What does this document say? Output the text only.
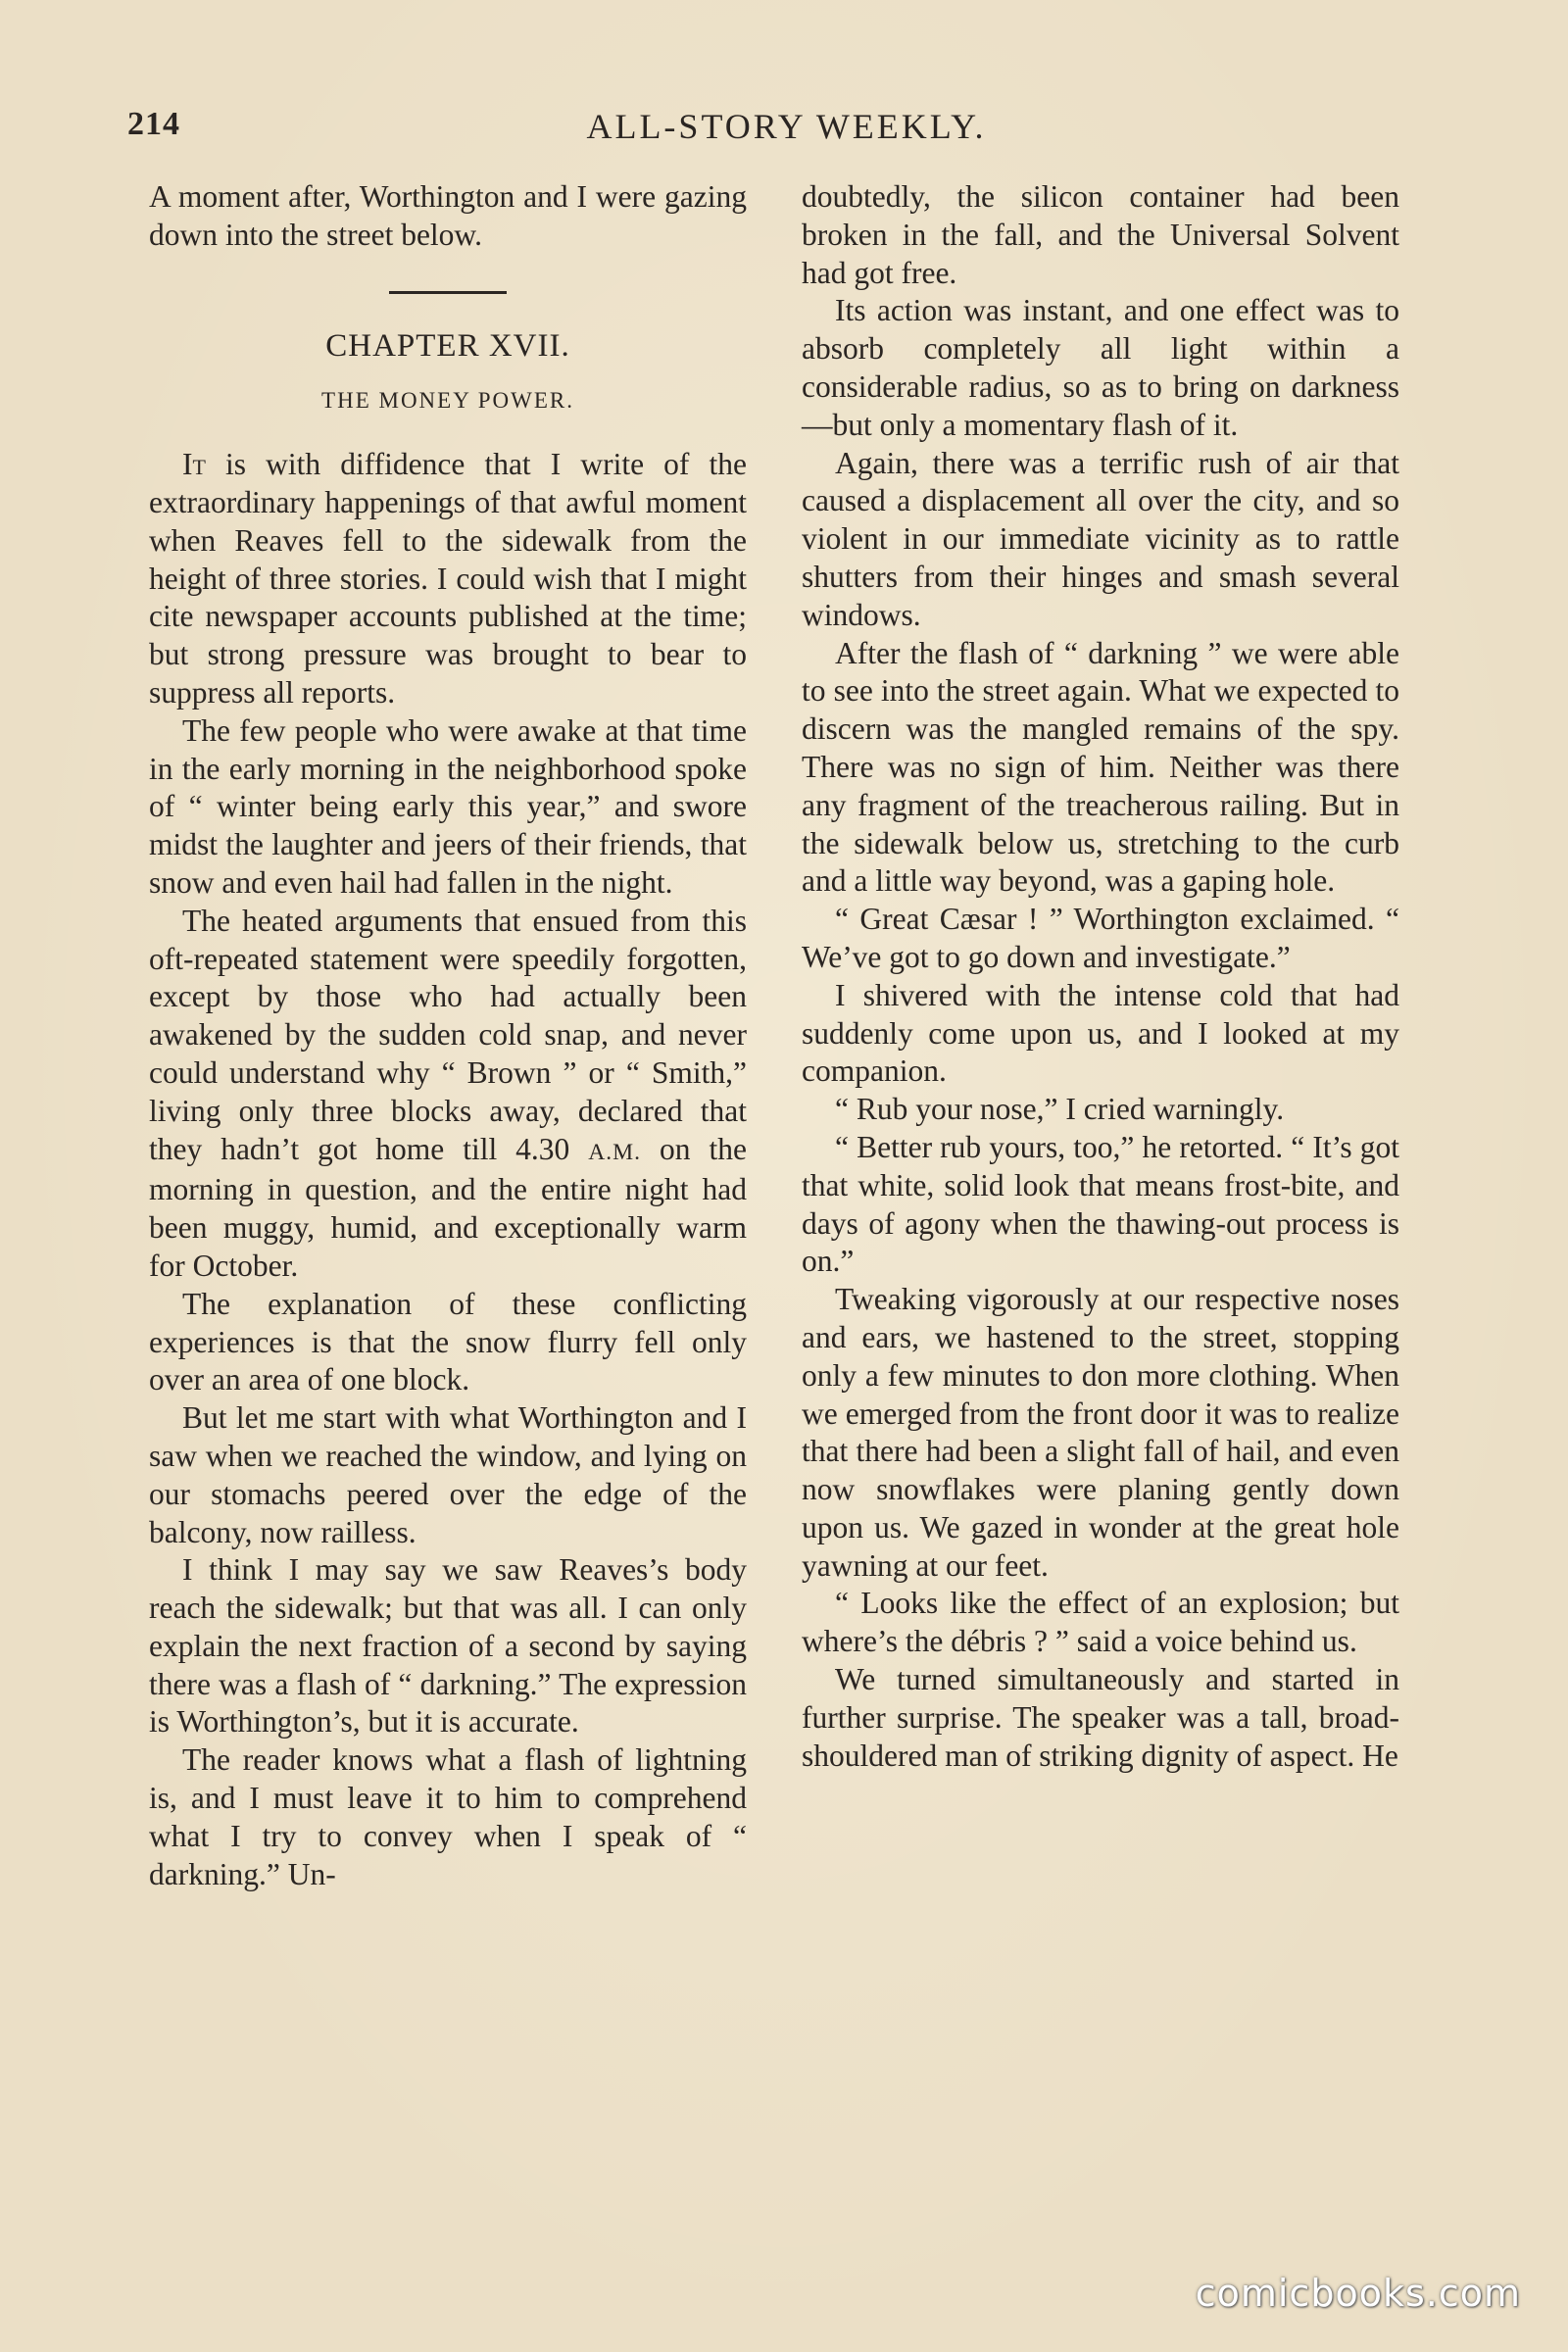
214	ALL-STORY WEEKLY.

A moment after, Worthington and I were gazing down into the street below.

CHAPTER XVII.
THE MONEY POWER.

It is with diffidence that I write of the extraordinary happenings of that awful moment when Reaves fell to the sidewalk from the height of three stories. I could wish that I might cite newspaper accounts published at the time; but strong pressure was brought to bear to suppress all reports.

The few people who were awake at that time in the early morning in the neighborhood spoke of “ winter being early this year,” and swore midst the laughter and jeers of their friends, that snow and even hail had fallen in the night.

The heated arguments that ensued from this oft-repeated statement were speedily forgotten, except by those who had actually been awakened by the sudden cold snap, and never could understand why “ Brown ” or “ Smith,” living only three blocks away, declared that they hadn’t got home till 4.30 A.M. on the morning in question, and the entire night had been muggy, humid, and exceptionally warm for October.

The explanation of these conflicting experiences is that the snow flurry fell only over an area of one block.

But let me start with what Worthington and I saw when we reached the window, and lying on our stomachs peered over the edge of the balcony, now railless.

I think I may say we saw Reaves’s body reach the sidewalk; but that was all. I can only explain the next fraction of a second by saying there was a flash of “ darkning.” The expression is Worthington’s, but it is accurate.

The reader knows what a flash of lightning is, and I must leave it to him to comprehend what I try to convey when I speak of “ darkning.” Un-

doubtedly, the silicon container had been broken in the fall, and the Universal Solvent had got free.

Its action was instant, and one effect was to absorb completely all light within a considerable radius, so as to bring on darkness—but only a momentary flash of it.

Again, there was a terrific rush of air that caused a displacement all over the city, and so violent in our immediate vicinity as to rattle shutters from their hinges and smash several windows.

After the flash of “ darkning ” we were able to see into the street again. What we expected to discern was the mangled remains of the spy. There was no sign of him. Neither was there any fragment of the treacherous railing. But in the sidewalk below us, stretching to the curb and a little way beyond, was a gaping hole.

“ Great Cæsar ! ” Worthington exclaimed. “ We’ve got to go down and investigate.”

I shivered with the intense cold that had suddenly come upon us, and I looked at my companion.

“ Rub your nose,” I cried warningly.

“ Better rub yours, too,” he retorted. “ It’s got that white, solid look that means frost-bite, and days of agony when the thawing-out process is on.”

Tweaking vigorously at our respective noses and ears, we hastened to the street, stopping only a few minutes to don more clothing. When we emerged from the front door it was to realize that there had been a slight fall of hail, and even now snowflakes were planing gently down upon us. We gazed in wonder at the great hole yawning at our feet.

“ Looks like the effect of an explosion; but where’s the débris ? ” said a voice behind us.

We turned simultaneously and started in further surprise. The speaker was a tall, broad-shouldered man of striking dignity of aspect. He

comicbooks.com
